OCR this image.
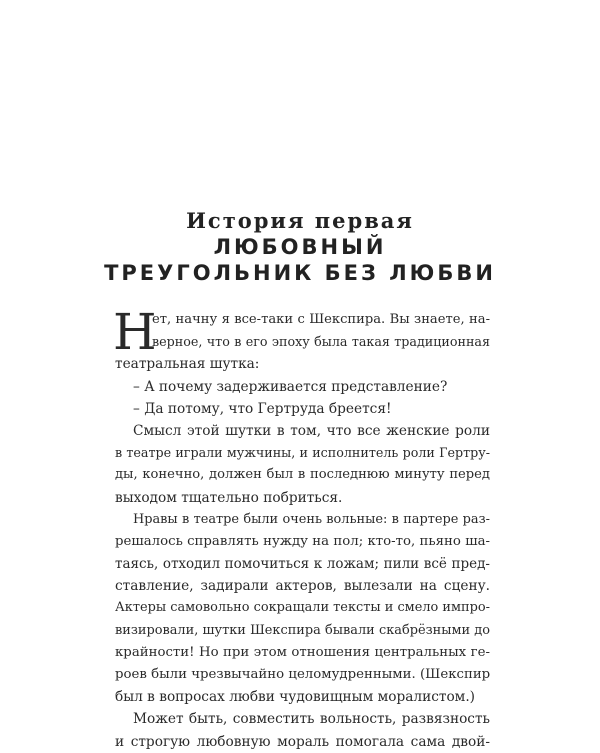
История первая
ЛЮБОВНЫЙ
ТРЕУГОЛЬНИК БЕЗ ЛЮБВИ
Н
ет, начну я все-таки с Шекспира. Вы знаете, на-
верное, что в его эпоху была такая традиционная
театральная шутка:
– А почему задерживается представление?
– Да потому, что Гертруда бреется!
Смысл этой шутки в том, что все женские роли
в театре играли мужчины, и исполнитель роли Гертру-
ды, конечно, должен был в последнюю минуту перед
выходом тщательно побриться.
Нравы в театре были очень вольные: в партере раз-
решалось справлять нужду на пол; кто-то, пьяно ша-
таясь, отходил помочиться к ложам; пили всё пред-
ставление, задирали актеров, вылезали на сцену.
Актеры самовольно сокращали тексты и смело импро-
визировали, шутки Шекспира бывали скабрёзными до
крайности! Но при этом отношения центральных ге-
роев были чрезвычайно целомудренными. (Шекспир
был в вопросах любви чудовищным моралистом.)
Может быть, совместить вольность, развязность
и строгую любовную мораль помогала сама двой-
